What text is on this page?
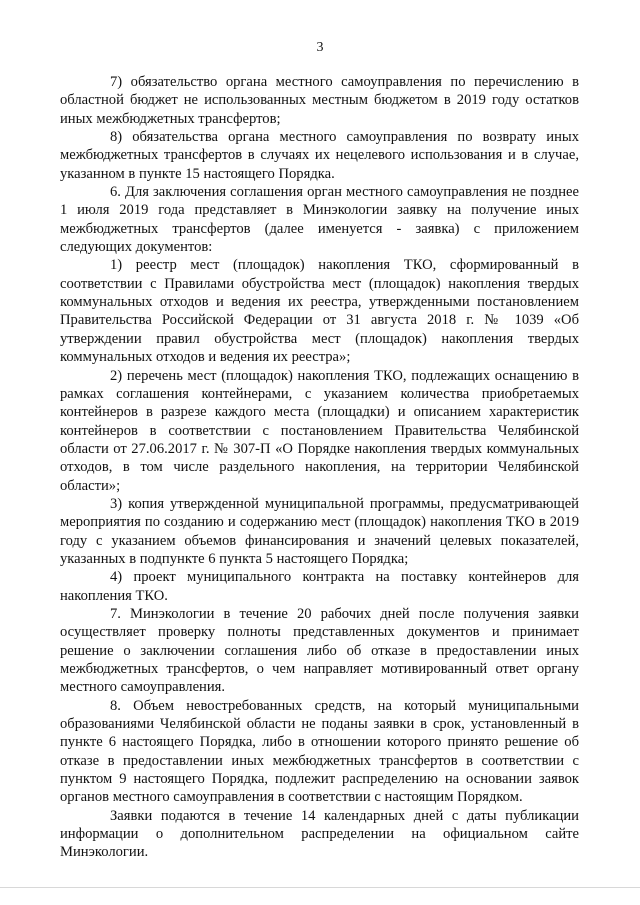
3

7) обязательство органа местного самоуправления по перечислению в областной бюджет не использованных местным бюджетом в 2019 году остатков иных межбюджетных трансфертов;

8) обязательства органа местного самоуправления по возврату иных межбюджетных трансфертов в случаях их нецелевого использования и в случае, указанном в пункте 15 настоящего Порядка.

6. Для заключения соглашения орган местного самоуправления не позднее 1 июля 2019 года представляет в Минэкологии заявку на получение иных межбюджетных трансфертов (далее именуется - заявка) с приложением следующих документов:

1) реестр мест (площадок) накопления ТКО, сформированный в соответствии с Правилами обустройства мест (площадок) накопления твердых коммунальных отходов и ведения их реестра, утвержденными постановлением Правительства Российской Федерации от 31 августа 2018 г. № 1039 «Об утверждении правил обустройства мест (площадок) накопления твердых коммунальных отходов и ведения их реестра»;

2) перечень мест (площадок) накопления ТКО, подлежащих оснащению в рамках соглашения контейнерами, с указанием количества приобретаемых контейнеров в разрезе каждого места (площадки) и описанием характеристик контейнеров в соответствии с постановлением Правительства Челябинской области от 27.06.2017 г. № 307-П «О Порядке накопления твердых коммунальных отходов, в том числе раздельного накопления, на территории Челябинской области»;

3) копия утвержденной муниципальной программы, предусматривающей мероприятия по созданию и содержанию мест (площадок) накопления ТКО в 2019 году с указанием объемов финансирования и значений целевых показателей, указанных в подпункте 6 пункта 5 настоящего Порядка;

4) проект муниципального контракта на поставку контейнеров для накопления ТКО.

7. Минэкологии в течение 20 рабочих дней после получения заявки осуществляет проверку полноты представленных документов и принимает решение о заключении соглашения либо об отказе в предоставлении иных межбюджетных трансфертов, о чем направляет мотивированный ответ органу местного самоуправления.

8. Объем невостребованных средств, на который муниципальными образованиями Челябинской области не поданы заявки в срок, установленный в пункте 6 настоящего Порядка, либо в отношении которого принято решение об отказе в предоставлении иных межбюджетных трансфертов в соответствии с пунктом 9 настоящего Порядка, подлежит распределению на основании заявок органов местного самоуправления в соответствии с настоящим Порядком.

Заявки подаются в течение 14 календарных дней с даты публикации информации о дополнительном распределении на официальном сайте Минэкологии.
